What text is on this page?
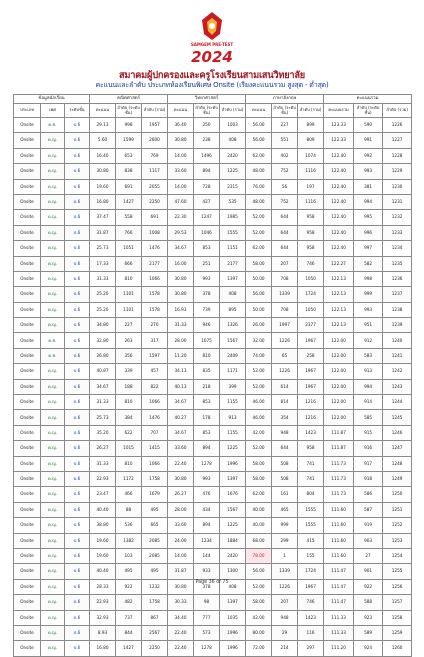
SAMGEM PRE-TEST
2024
สมาคมผู้ปกครองและครูโรงเรียนสามเสนวิทยาลัย
คะแนนและลำดับ ประเภทห้องเรียนพิเศษ Onsite (เรียงคะแนนรวม สูงสุด - ต่ำสุด)
ข้อมูลนักเรียน			คณิตศาสตร์			วิทยาศาสตร์			ภาษาอังกฤษ			คะแนนรวม		
ประเภท	เพศ	ระดับชั้น	คะแนน	ลำดับ (ระดับชั้น)	ลำดับ (รวม)	คะแนน	ลำดับ (ระดับชั้น)	ลำดับ (รวม)	คะแนน	ลำดับ (ระดับชั้น)	ลำดับ (รวม)	คะแนนรวม	ลำดับ (ระดับชั้น)	ลำดับ (รวม)
Onsite	ด.ช.	ป.6	29.13	998	1957	36.40	250	1003	56.00	227	899	123.33	590	1226
Onsite	ด.ญ.	ป.6	5.60	1599	2600	30.80	238	408	56.00	551	809	122.33	991	1227
Onsite	ด.ญ.	ป.6	16.40	653	769	14.00	1496	2420	62.00	402	1074	122.40	992	1228
Onsite	ด.ญ.	ป.6	30.80	838	1117	33.60	894	1225	48.00	752	1116	122.40	993	1229
Onsite	ด.ญ.	ป.6	19.60	691	2055	14.00	728	2315	76.00	56	197	122.40	381	1230
Onsite	ด.ญ.	ป.6	16.80	1427	2250	47.60	427	535	48.00	752	1116	122.40	994	1231
Onsite	ด.ญ.	ป.6	37.47	558	691	22.30	1247	1985	52.00	644	958	122.40	995	1232
Onsite	ด.ญ.	ป.6	31.87	766	1008	29.53	1046	1555	52.00	644	958	122.40	996	1233
Onsite	ด.ญ.	ป.6	25.73	1051	1476	34.67	853	1151	62.00	644	958	122.40	997	1234
Onsite	ด.ญ.	ป.6	17.33	666	2177	16.00	251	2177	58.00	207	746	122.27	582	1235
Onsite	ด.ญ.	ป.6	31.33	810	1066	30.80	993	1397	50.00	708	1050	122.13	998	1236
Onsite	ด.ญ.	ป.6	25.20	1101	1578	30.80	378	408	56.00	1339	1724	122.13	999	1237
Onsite	ด.ญ.	ป.6	25.20	1101	1578	16.93	739	895	50.00	708	1050	122.13	993	1238
Onsite	ด.ญ.	ป.6	34.80	227	270	31.33	946	1326	26.00	1997	2377	122.13	951	1239
Onsite	ด.ช.	ป.6	32.80	263	317	28.00	1075	1567	32.00	1226	1967	122.00	912	1240
Onsite	ด.ช.	ป.6	26.80	356	1597	11.20	810	2409	74.00	65	258	122.00	583	1241
Onsite	ด.ญ.	ป.6	40.87	339	457	34.13	835	1171	52.00	1226	1967	122.00	913	1242
Onsite	ด.ญ.	ป.6	34.67	188	822	40.13	218	399	52.00	614	1967	122.00	994	1243
Onsite	ด.ญ.	ป.6	31.33	810	1066	34.67	853	1155	46.00	814	1216	122.00	914	1244
Onsite	ด.ญ.	ป.6	25.73	384	1476	40.27	178	913	46.00	354	1216	122.00	585	1245
Onsite	ด.ญ.	ป.6	35.20	622	707	34.67	853	1155	42.00	948	1423	111.87	915	1246
Onsite	ด.ญ.	ป.6	26.27	1015	1415	33.60	894	1225	52.00	644	958	111.87	916	1247
Onsite	ด.ญ.	ป.6	31.33	810	1066	22.40	1278	1996	58.00	508	741	111.73	917	1248
Onsite	ด.ญ.	ป.6	22.93	1172	1758	30.80	993	1397	58.00	508	741	111.73	918	1249
Onsite	ด.ญ.	ป.6	23.47	466	1679	26.27	476	1676	62.00	161	804	111.73	586	1250
Onsite	ด.ญ.	ป.6	40.40	88	495	28.00	434	1567	40.00	465	1555	111.60	587	1251
Onsite	ด.ญ.	ป.6	38.80	536	665	33.60	894	1225	40.00	999	1555	111.60	919	1252
Onsite	ด.ญ.	ป.6	19.60	1382	2085	24.00	1234	1884	68.00	299	415	111.60	903	1253
Onsite	ด.ญ.	ป.6	19.60	103	2085	14.00	144	2420	78.00	1	155	111.60	27	1254
Onsite	ด.ญ.	ป.6	40.40	495	495	31.87	933	1300	56.00	1339	1724	111.47	901	1255
Onsite	ด.ญ.	ป.6	28.33	922	1232	30.80	378	408	52.00	1226	1967	111.47	922	1256
Onsite	ด.ญ.	ป.6	22.93	482	1758	30.33	98	1397	58.00	207	746	111.47	588	1257
Onsite	ด.ญ.	ป.6	32.93	737	867	34.40	777	1035	42.00	948	1423	111.33	923	1258
Onsite	ด.ญ.	ป.6	8.93	844	2567	22.40	573	1996	80.00	29	116	111.33	589	1259
Onsite	ด.ญ.	ป.6	16.80	1427	2250	22.40	1278	1996	72.00	214	297	111.20	924	1260
Page 36 of 75
